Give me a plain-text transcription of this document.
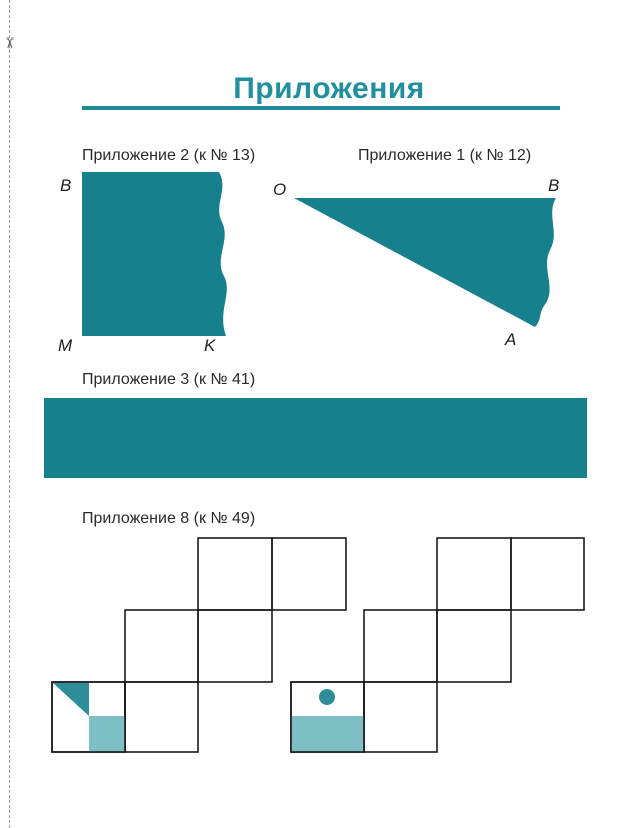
✂
Приложения
Приложение 2 (к № 13)	Приложение 1 (к № 12)
Приложение 3 (к № 41)
Приложение 8 (к № 49)
B
M	K
O	B
A
